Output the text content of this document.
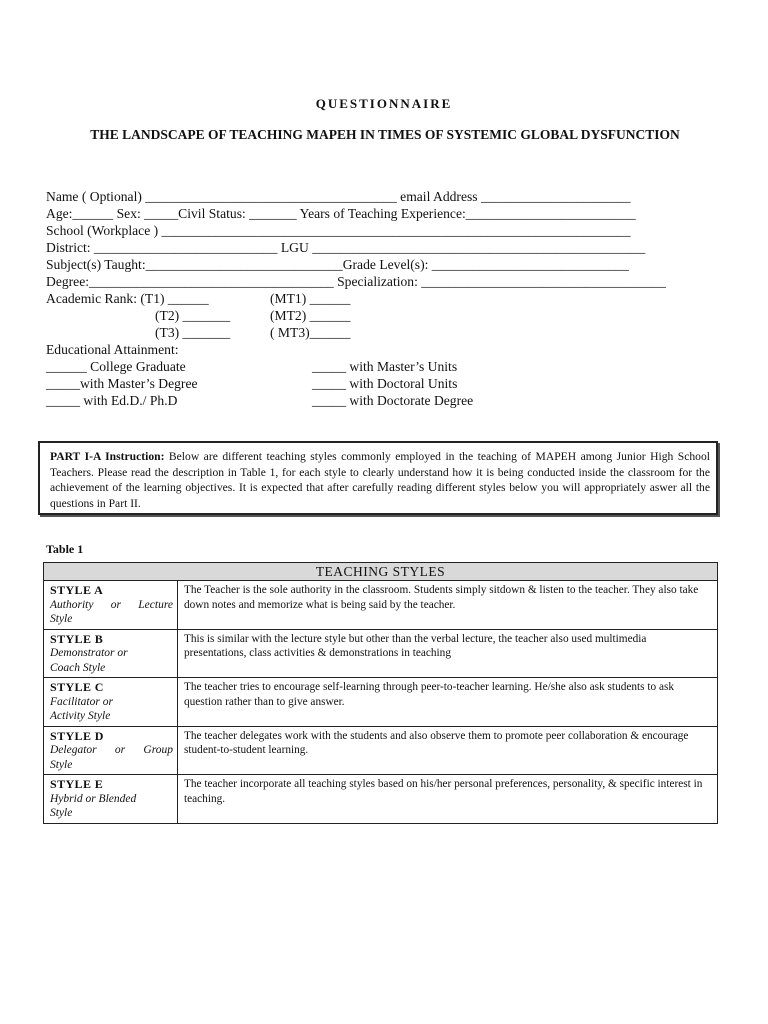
QUESTIONNAIRE
THE LANDSCAPE OF TEACHING MAPEH IN TIMES OF SYSTEMIC GLOBAL DYSFUNCTION
Name ( Optional) _____________________________________ email Address ______________________
Age:______ Sex: _____Civil Status: _______ Years of Teaching Experience:_________________________
School (Workplace ) _____________________________________________________________________
District: ___________________________ LGU _________________________________________________
Subject(s) Taught:_____________________________Grade Level(s): _____________________________
Degree:____________________________________ Specialization: ____________________________________
Academic Rank: (T1) ______	(MT1) ______
(T2) _______	(MT2) ______
(T3) _______	( MT3)______
Educational Attainment:
______ College Graduate	_____ with Master’s Units
_____with Master’s Degree	_____ with Doctoral Units
_____ with Ed.D./ Ph.D	_____ with Doctorate Degree
PART I-A Instruction: Below are different teaching styles commonly employed in the teaching of MAPEH among Junior High School Teachers. Please read the description in Table 1, for each style to clearly understand how it is being conducted inside the classroom for the achievement of the learning objectives. It is expected that after carefully reading different styles below you will appropriately aswer all the questions in Part II.
Table 1
TEACHING STYLES	

STYLE A
Authority or Lecture
Style	The Teacher is the sole authority in the classroom. Students simply sitdown & listen to the teacher. They also take down notes and memorize what is being said by the teacher.

STYLE B
Demonstrator or
Coach Style	This is similar with the lecture style but other than the verbal lecture, the teacher also used multimedia presentations, class activities & demonstrations in teaching

STYLE C
Facilitator or
Activity Style	The teacher tries to encourage self-learning through peer-to-teacher learning. He/she also ask students to ask question rather than to give answer.

STYLE D
Delegator or Group
Style	The teacher delegates work with the students and also observe them to promote peer collaboration & encourage student-to-student learning.

STYLE E
Hybrid or Blended
Style	The teacher incorporate all teaching styles based on his/her personal preferences, personality, & specific interest in teaching.
